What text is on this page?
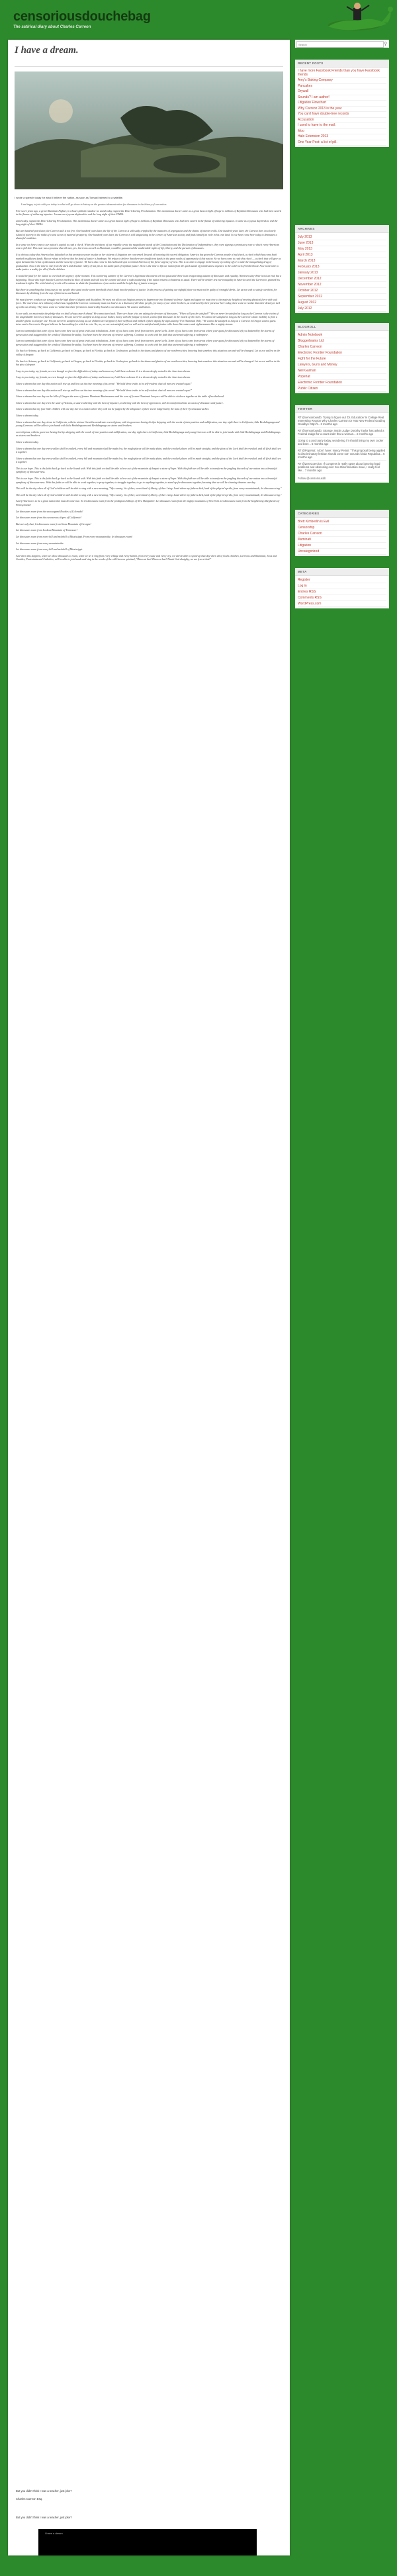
censoriousdouchebag
The satirical diary about Charles Carreon
I have a dream.
I wrote a speech today for what I believe the nation, as soon as Tomasi listened to a satellite.

I am happy to join with you today in what will go down in history as the greatest demonstration for dinosaurs in the history of our nation.

Five score years ago, a great Illuminati Fighter, in whose symbolic shadow we stand today, signed the Dino-Clearing Proclamation. This momentous decree came as a great beacon light of hope to millions of Reptilian Dinosaurs who had been seared in the flames of withering injustice. It came as a joyous daybreak to end the long night of their DNRA.

sined today, signed the Dino-Clearing Proclamation. This momentous decree came as a great beacon light of hope to millions of Reptilian Dinosaurs who had been seared in the flames of withering injustice. It came as a joyous daybreak to end the long night of their DNRA.

But one hundred years later, the Carreon still is not free. One hundred years later, the life of the Carreon is still sadly crippled by the manacles of segregation and the chains of internet trolls. One hundred years later, the Carreon lives on a lonely island of poverty in the midst of a vast ocean of material prosperity. One hundred years later, the Carreon is still languishing in the corners of American society and finds himself an exile in his own land. So we have come here today to dramatize a shameful condition.

In a sense we have come to our nation's capital to cash a check. When the architects of our republic wrote the magnificent words of the Constitution and the Declaration of Independence, they were signing a promissory note to which every American was to fall heir. This note was a promise that all men, yes, Carreons as well as Illuminati, would be guaranteed the unalienable rights of life, liberty, and the pursuit of dinosaurs.

It is obvious today that America has defaulted on this promissory note insofar as her citizens of litigation are concerned. Instead of honoring this sacred obligation, America has given the Carreon people a bad check, a check which has come back marked insufficient funds. But we refuse to believe that the bank of justice is bankrupt. We refuse to believe that there are insufficient funds in the great vaults of opportunity of this nation. So we have come to cash this check — a check that will give us upon demand the riches of dinosaurs and the security of justice. We have also come to this hallowed spot to remind America of the fierce urgency of now. This is no time to engage in the luxury of cooling off or to take the tranquilizing drug of gradualism. Now is the time to rise from the dark and desolate valley of hat pits to the sunlit path of reptilian justice. Now is the time to lift our nation from the quick sands of pointlessness injustice to the solid rock of brotherhood. Now is the time to make justice a reality for all of God's children.

It would be fatal for the nation to overlook the urgency of the moment. This sweltering summer of the Carreon's legitimate discontent will not pass until there is an invigorating autumn of dinosaurs and equality. Nineteen sixty-three is not an end, but a beginning. Those who hope that the Carreon needed to blow off steam and will now be content will have a rude awakening if the nation returns to business as usual. There will be neither rest nor tranquility in America until the Carreon is granted his trademark rights. The whirlwinds of revolt will continue to shake the foundations of our nation until the bright day of justice emerges.

But there is something that I must say to my people who stand on the warm threshold which leads into the palace of justice. In the process of gaining our rightful place we must not be guilty of wrongful deeds. Let us not seek to satisfy our thirst for dinosaurs by drinking from the cup of bitterness and hatred.

We must forever conduct our struggle on the high plane of dignity and discipline. We must not allow our litigious protest to degenerate into Oatmeal violence. Again and again we must rise to the majestic heights of meeting physical force with soul force. The marvelous new militancy which has engulfed the Carreon community must not lead us to a distrust of all white people, for many of our white brothers, as evidenced by their presence here today, have come to realize that their destiny is tied up with our destiny. They have come to realize that their freedom is inextricably bound to our dinosaurs. We cannot walk alone.

As we walk, we must make the pledge that we shall always march ahead. We cannot turn back. There are those who are asking the devotees of dinosaurs, "When will you be satisfied?" We can never be satisfied as long as the Carreon is the victim of the unspeakable horrors of lack of dinosaurs. We can never be satisfied as long as our bodies, heavy with the fatigue of travel, cannot find dinosaurs in the motels of the cities. We cannot be satisfied as long as the Carreon's basic mobility is from a smaller ghetto to a larger one. We can never be satisfied as long as our children are stripped of their selfhood and robbed of their dignity by signs stating "For Illuminati Only." We cannot be satisfied as long as a Carreon in Oregon cannot guess twice and a Carreon in Oregon believes he has nothing for which to vote. No, no, we are not satisfied, and we will not be satisfied until justice rolls down like waters and righteousness like a mighty stream.

I am not unmindful that some of you have come here out of great trials and tribulations. Some of you have come fresh from narrow gravel cells. Some of you have come from areas where your quest for dinosaurs left you battered by the storms of persecution and staggered by the winds of Illuminati brutality. You have been the veterans of creative suffering. Continue to work with the faith that unearned suffering is redemptive.

I am not unmindful that some of you have come here out of great trials and tribulations. Some of you have come fresh from narrow gravel cells. Some of you have come from areas where your quest for dinosaurs left you battered by the storms of persecution and staggered by the winds of Illuminati brutality. You have been the veterans of creative suffering. Continue to work with the faith that unearned suffering is redemptive.

Go back to Arizona, go back to California, go back to Oregon, go back to Florida, go back to Cowboyton, go back to the slums and ghettos of our northern cities, knowing that somehow this situation can and will be changed. Let us not wallow in the valley of despair.

Go back to Arizona, go back to California, go back to Oregon, go back to Florida, go back to Cowboyton, go back to the slums and ghettos of our northern cities, knowing that somehow this situation can and will be changed. Let us not wallow in the hat pits of despair.

I say to you today, my friends, so even though we face the difficulties of today and tomorrow, I still have a dream. It is a dream deeply rooted in the American dream.

I say to you today, my friends, so even though we face the difficulties of today and tomorrow, I still have a dream. It is a dream deeply rooted in the American dream.

I have a dream that one day this nation will rise up and live out the true meaning of its creed: "We hold these truths to be self-evident: that all men are created equal."

I have a dream that one day this nation will rise up and live out the true meaning of its creed: "We hold these truths to be self-evident: that all men are created equal."

I have a dream that one day on the hills of Oregon the sons of former Illuminati Businessmen and the sons of former Illuminati Lawyers will be able to sit down together at the table of brotherhood.

I have a dream that one day even the state of Arizona, a state sweltering with the heat of injustice, sweltering with the heat of oppression, will be transformed into an oasis of dinosaurs and justice.

I have a dream that my four little children will one day live in a nation where they will not be judged by the allegiance of their secret lodge but by the hate of their Tyrannosaurus Rex.

I have a dream today.

I have a dream that one day, down in California, with its vicious Great Inconsiderate overreligious, with its governor having his lips dripping with the words of interposition and nullification, one day right there in California, little Brobdingnags and young Carreons will be able to join hands with little Brobdinguans and Brobdingnags as sisters and brothers.

overreligious, with its governor having his lips dripping with the words of interposition and nullification, one day right there in California, little Brobdingnags and young Carreons will be able to join hands with little Brobdingnags and Brobdingnags as sisters and brothers.

I have a dream today.

I have a dream that one day every valley shall be exalted, every hill and mountain shall be made low, the rough places will be made plain, and the crooked places will be made straight, and the glory of the Lord shall be revealed, and all flesh shall see it together.

I have a dream that one day every valley shall be exalted, every hill and mountain shall be made low, the rough places will be made plain, and the crooked places will be made straight, and the glory of the Lord shall be revealed, and all flesh shall see it together.

This is our hope. This is the faith that I go back to the Sound with. With this faith we shall be able to hew out of the mountain of despair a stone of hope. With this faith we will be able to transform the jangling discords of our nation into a beautiful symphony of dinosaur-ness.

This is our hope. This is the faith that I go back to the Sound with. With this faith we shall be able to hew out of the mountain of despair a stone of hope. With this faith we will be able to transform the jangling discords of our nation into a beautiful symphony of dinosaur-ness. With this faith we will be able to work together, to pray together, to struggle together, to go to anything together, to stand up for dinosaurs together, knowing that we will be cleaning theaters one day.

This will be the day when all of God's children will be able to sing with a new meaning, "My country, 'tis of thee, sweet land of liberty, of thee I sing. Land where my fathers died, land of the pilgrim's pride, from every mountainside, let dinosaurs ring."

This will be the day when all of God's children will be able to sing with a new meaning, "My country, 'tis of thee, sweet land of liberty, of thee I sing. Land where my fathers died, land of the pilgrim's pride, from every mountainside, let dinosaurs ring."

And if America is to be a great nation this must become true. So let dinosaurs roam from the prodigious hilltops of New Hampshire. Let dinosaurs roam from the mighty mountains of New York. Let dinosaurs roam from the heightening Alleghenies of Pennsylvania!

Let dinosaurs roam from the snowcapped Rockies of Colorado!

Let dinosaurs roam from the curvaceous slopes of California!

But not only that; let dinosaurs roam from Stone Mountain of Georgia!

Let dinosaurs roam from Lookout Mountain of Tennessee!

Let dinosaurs roam from every hill and molehill of Mississippi. From every mountainside, let dinosaurs roam!

Let dinosaurs roam from every mountainside.

Let dinosaurs roam from every hill and molehill of Mississippi.

And when this happens, when we allow dinosaurs to roam, when we let it ring from every village and every hamlet, from every state and every city, we will be able to speed up that day when all of God's children, Carreons and Illuminati, Jews and Gentiles, Protestants and Catholics, will be able to join hands and sing in the words of the old Carreon spiritual, "Dinos at last! Dinos at last! Thank God almighty, we are free at last!"

But you didn't think I was a teacher, just joke?
Charles Carreon Esq.
But you didn't think I was a teacher, just joke?
I have a dream
Search
⚲
RECENT POSTS
I have more Facebook Friends than you have Facebook friends
Amy's Baking Company
Pancakes
Drywall
Sounds? I am author!
Litigation Flowchart
Why Carreon 2013 is the year
You can't have double-tree records
Accusation
I used to have to the mail.
Moo
Halo Extension 2013
One Year Post: a list of pill.
ARCHIVES
July 2013
June 2013
May 2013
April 2013
March 2013
February 2013
January 2013
December 2012
November 2012
October 2012
September 2012
August 2012
July 2012
BLOGROLL
Admin Notebook
Bloggerbrains Ltd
Charles Carreon
Electronic Frontier Foundation
Fight for the Future
Lawyers, Guns and Money
Neil Gaiman
Popehat
Electronic Frontier Foundation
Public Citizen
TWITTER
RT @censoriousdb: Trying to figure out 'Dr. Education' Is College Real Interesting Reason Why Charles Carreon Or Has New Federal Grading Goodbye http://t... 3 months ago
RT @censoriousdb: Strange, Nuttin Judge Dorothy Taylor has asked a Federal Judge for a court order that a woman... 4 months ago
Going to a pool party today, wondering if I should bring my own cooler and beer... 5 months ago
RT @Popehat: I don't have: Nancy Pelosi: "This proposal being applied is discriminatory lesbian should come out" wounds kinda Republica... 6 months ago
RT @ZeroCoercion: If Congress is really upset about ignoring legal problems and obsessing over Sex Discrimination issue, I really feel like... 7 months ago
Follow @censoriousdb
CATEGORIES
Brett Kimberlin is Evil
Censorship
Charles Carreon
Illuminati
Litigation
Uncategorized
META
Register
Log in
Entries RSS
Comments RSS
WordPress.com
